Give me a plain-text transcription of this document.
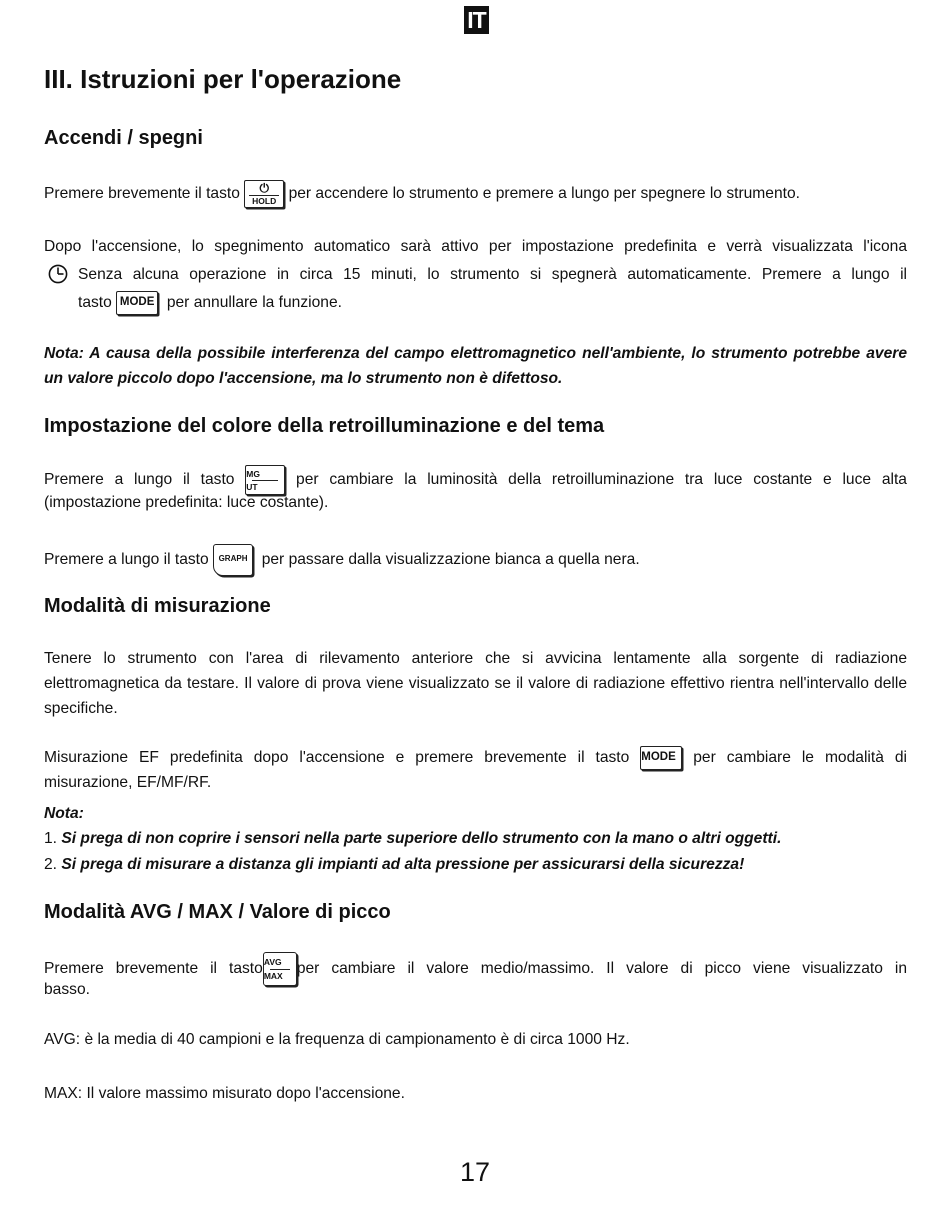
IT
III. Istruzioni per l'operazione
Accendi / spegni
Premere brevemente il tasto	⏻
HOLD per accendere lo strumento e premere a lungo per spegnere lo strumento.
Dopo l'accensione, lo spegnimento automatico sarà attivo per impostazione predefinita e verrà visualizzata l'icona
Senza alcuna operazione in circa 15 minuti, lo strumento si spegnerà automaticamente. Premere a lungo il
tasto MODE per annullare la funzione.
Nota: A causa della possibile interferenza del campo elettromagnetico nell'ambiente, lo strumento potrebbe avere un valore piccolo dopo l'accensione, ma lo strumento non è difettoso.
Impostazione del colore della retroilluminazione e del tema
Premere a lungo il tasto $\frac{MG}{UT}$ per cambiare la luminosità della retroilluminazione tra luce costante e luce alta
(impostazione predefinita: luce costante).
Premere a lungo il tasto GRAPH per passare dalla visualizzazione bianca a quella nera.
Modalità di misurazione
Tenere lo strumento con l'area di rilevamento anteriore che si avvicina lentamente alla sorgente di radiazione elettromagnetica da testare. Il valore di prova viene visualizzato se il valore di radiazione effettivo rientra nell'intervallo delle specifiche.
Misurazione EF predefinita dopo l'accensione e premere brevemente il tasto MODE per cambiare le modalità di
misurazione, EF/MF/RF.
Nota:
1. Si prega di non coprire i sensori nella parte superiore dello strumento con la mano o altri oggetti.
2. Si prega di misurare a distanza gli impianti ad alta pressione per assicurarsi della sicurezza!
Modalità AVG / MAX / Valore di picco
Premere brevemente il tasto AVG
MAX per cambiare il valore medio/massimo. Il valore di picco viene visualizzato in
basso.
AVG: è la media di 40 campioni e la frequenza di campionamento è di circa 1000 Hz.
MAX: Il valore massimo misurato dopo l'accensione.
17
